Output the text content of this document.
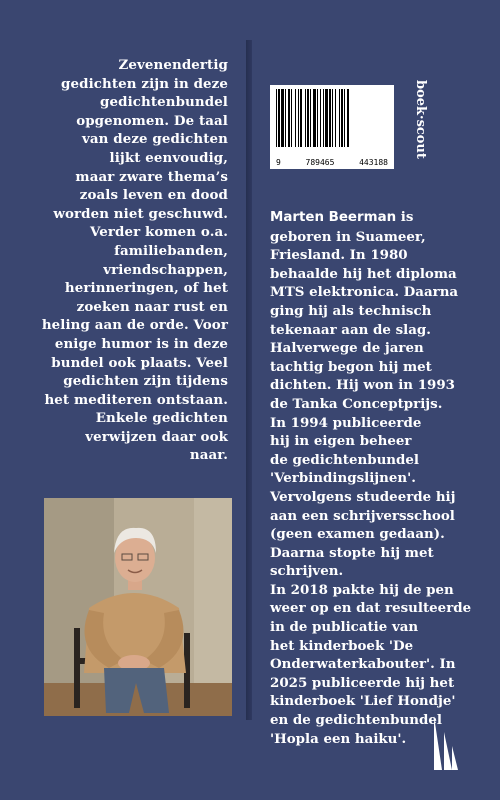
Zevenendertig
gedichten zijn in deze
gedichtenbundel
opgenomen. De taal
van deze gedichten
lijkt eenvoudig,
maar zware thema’s
zoals leven en dood
worden niet geschuwd.
Verder komen o.a.
familiebanden,
vriendschappen,
herinneringen, of het
zoeken naar rust en
heling aan de orde. Voor
enige humor is in deze
bundel ook plaats. Veel
gedichten zijn tijdens
het mediteren ontstaan.
Enkele gedichten
verwijzen daar ook
naar.
9	789465	443188
boek·scout
Marten Beerman is
geboren in Suameer,
Friesland. In 1980
behaalde hij het diploma
MTS elektronica. Daarna
ging hij als technisch
tekenaar aan de slag.
Halverwege de jaren
tachtig begon hij met
dichten. Hij won in 1993
de Tanka Conceptprijs.
In 1994 publiceerde
hij in eigen beheer
de gedichtenbundel
'Verbindingslijnen'.
Vervolgens studeerde hij
aan een schrijversschool
(geen examen gedaan).
Daarna stopte hij met
schrijven.
In 2018 pakte hij de pen
weer op en dat resulteerde
in de publicatie van
het kinderboek 'De
Onderwaterkabouter'. In
2025 publiceerde hij het
kinderboek 'Lief Hondje'
en de gedichtenbundel
'Hopla een haiku'.
